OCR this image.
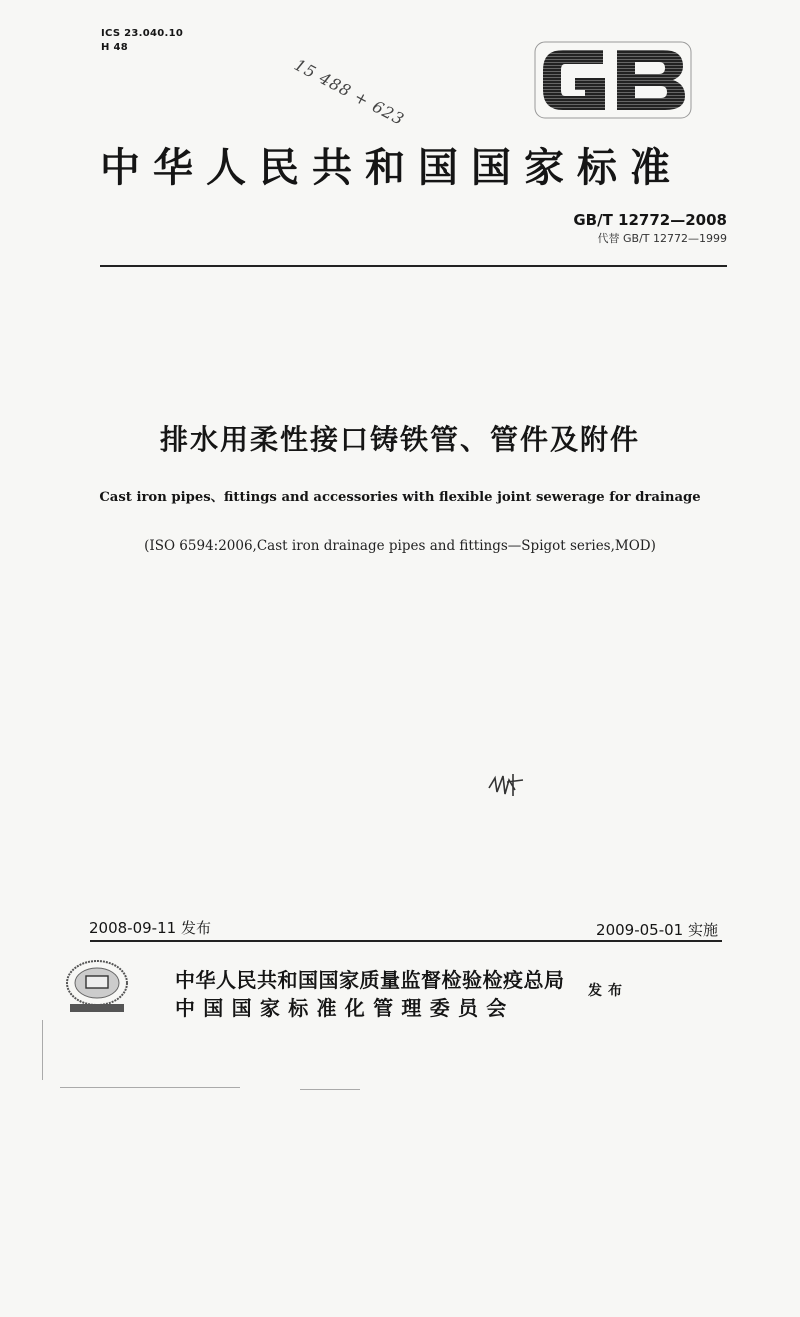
ICS 23.040.10
H 48
15 488 + 623
中华人民共和国国家标准
GB/T 12772—2008
代替 GB/T 12772—1999
排水用柔性接口铸铁管、管件及附件
Cast iron pipes、fittings and accessories with flexible joint sewerage for drainage
(ISO 6594:2006,Cast iron drainage pipes and fittings—Spigot series,MOD)
2008-09-11 发布	2009-05-01 实施
中华人民共和国国家质量监督检验检疫总局
中国国家标准化管理委员会
发布
